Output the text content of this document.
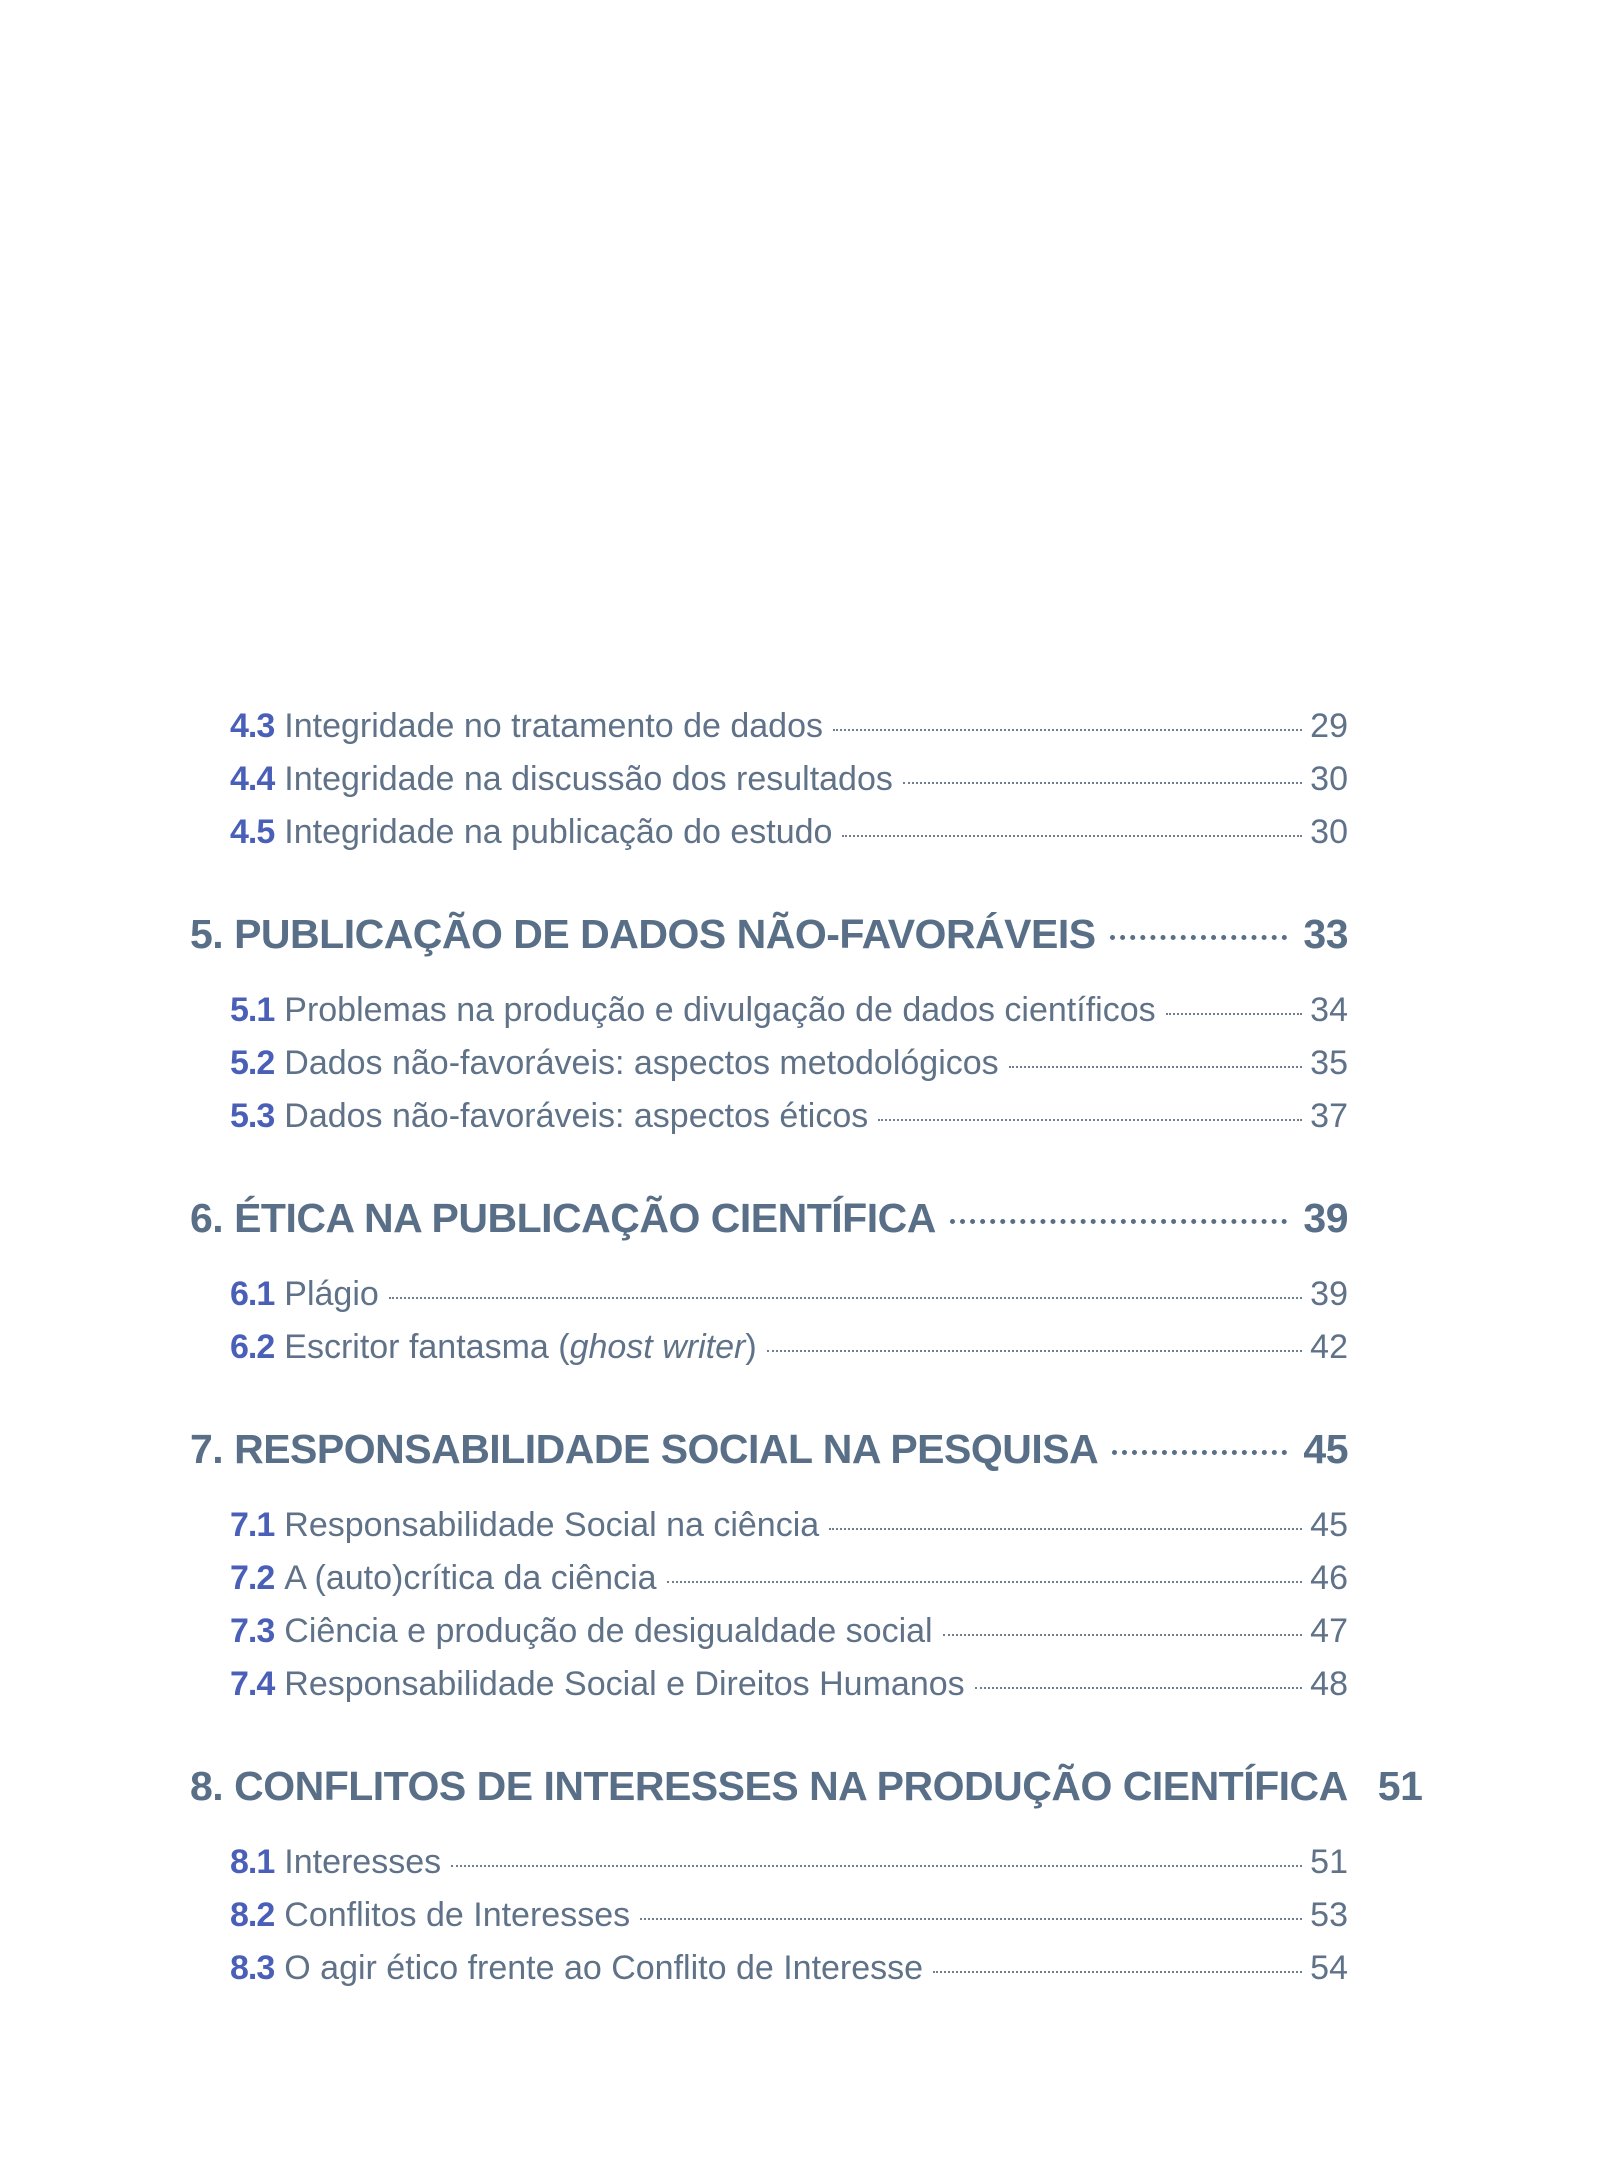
4.3 Integridade no tratamento de dados	29
4.4 Integridade na discussão dos resultados	30
4.5 Integridade na publicação do estudo	30
5. PUBLICAÇÃO DE DADOS NÃO-FAVORÁVEIS	33
5.1 Problemas na produção e divulgação de dados científicos	34
5.2 Dados não-favoráveis: aspectos metodológicos	35
5.3 Dados não-favoráveis: aspectos éticos	37
6. ÉTICA NA PUBLICAÇÃO CIENTÍFICA	39
6.1 Plágio	39
6.2 Escritor fantasma (ghost writer)	42
7. RESPONSABILIDADE SOCIAL NA PESQUISA	45
7.1 Responsabilidade Social na ciência	45
7.2 A (auto)crítica da ciência	46
7.3 Ciência e produção de desigualdade social	47
7.4 Responsabilidade Social e Direitos Humanos	48
8. CONFLITOS DE INTERESSES NA PRODUÇÃO CIENTÍFICA 51
8.1 Interesses	51
8.2 Conflitos de Interesses	53
8.3 O agir ético frente ao Conflito de Interesse	54
